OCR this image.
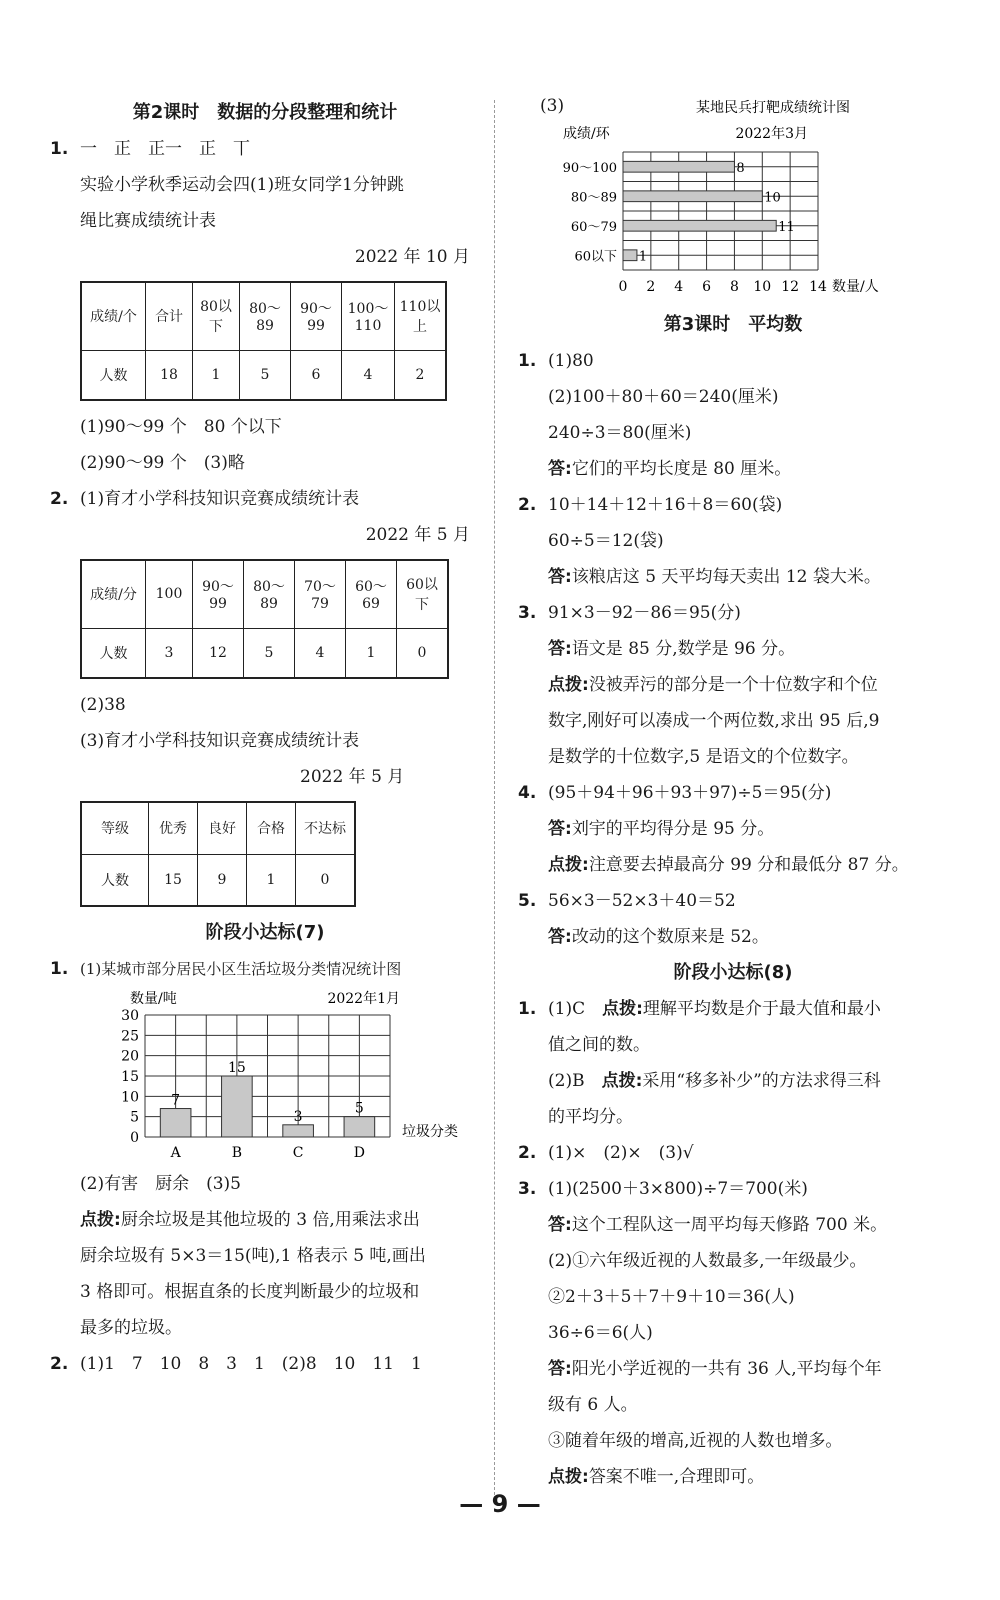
第2课时　数据的分段整理和统计
1. 一　正　正一　正　丅
实验小学秋季运动会四(1)班女同学1分钟跳
绳比赛成绩统计表
2022 年 10 月
成绩/个	合计	80以下	80～89	90～99	100～110	110以上
人数	18	1	5	6	4	2
(1)90～99 个　80 个以下
(2)90～99 个　(3)略
2. (1)育才小学科技知识竞赛成绩统计表
2022 年 5 月
成绩/分	100	90～99	80～89	70～79	60～69	60以下
人数	3	12	5	4	1	0
(2)38
(3)育才小学科技知识竞赛成绩统计表
2022 年 5 月
等级	优秀	良好	合格	不达标
人数	15	9	1	0
阶段小达标(7)
1. (1)某城市部分居民小区生活垃圾分类情况统计图
数量/吨	2022年1月
0
5
10
15
20
25
30
7
A
15
B
3
C
5
D
垃圾分类
(2)有害　厨余　(3)5
点拨:厨余垃圾是其他垃圾的 3 倍,用乘法求出
厨余垃圾有 5×3＝15(吨),1 格表示 5 吨,画出
3 格即可。根据直条的长度判断最少的垃圾和
最多的垃圾。
2. (1)1　7　10　8　3　1　(2)8　10　11　1
(3)	某地民兵打靶成绩统计图
成绩/环	2022年3月
0 2 4 6 8 10 12 14
8
90～100
10
80～89
11
60～79
1
60以下
数量/人
第3课时　平均数
1. (1)80
(2)100＋80＋60＝240(厘米)
240÷3＝80(厘米)
答:它们的平均长度是 80 厘米。
2. 10＋14＋12＋16＋8＝60(袋)
60÷5＝12(袋)
答:该粮店这 5 天平均每天卖出 12 袋大米。
3. 91×3－92－86＝95(分)
答:语文是 85 分,数学是 96 分。
点拨:没被弄污的部分是一个十位数字和个位
数字,刚好可以凑成一个两位数,求出 95 后,9
是数学的十位数字,5 是语文的个位数字。
4. (95＋94＋96＋93＋97)÷5＝95(分)
答:刘宇的平均得分是 95 分。
点拨:注意要去掉最高分 99 分和最低分 87 分。
5. 56×3－52×3＋40＝52
答:改动的这个数原来是 52。
阶段小达标(8)
1. (1)C　点拨:理解平均数是介于最大值和最小
值之间的数。
(2)B　点拨:采用“移多补少”的方法求得三科
的平均分。
2. (1)×　(2)×　(3)√
3. (1)(2500＋3×800)÷7＝700(米)
答:这个工程队这一周平均每天修路 700 米。
(2)①六年级近视的人数最多,一年级最少。
②2＋3＋5＋7＋9＋10＝36(人)
36÷6＝6(人)
答:阳光小学近视的一共有 36 人,平均每个年
级有 6 人。
③随着年级的增高,近视的人数也增多。
点拨:答案不唯一,合理即可。
— 9 —
